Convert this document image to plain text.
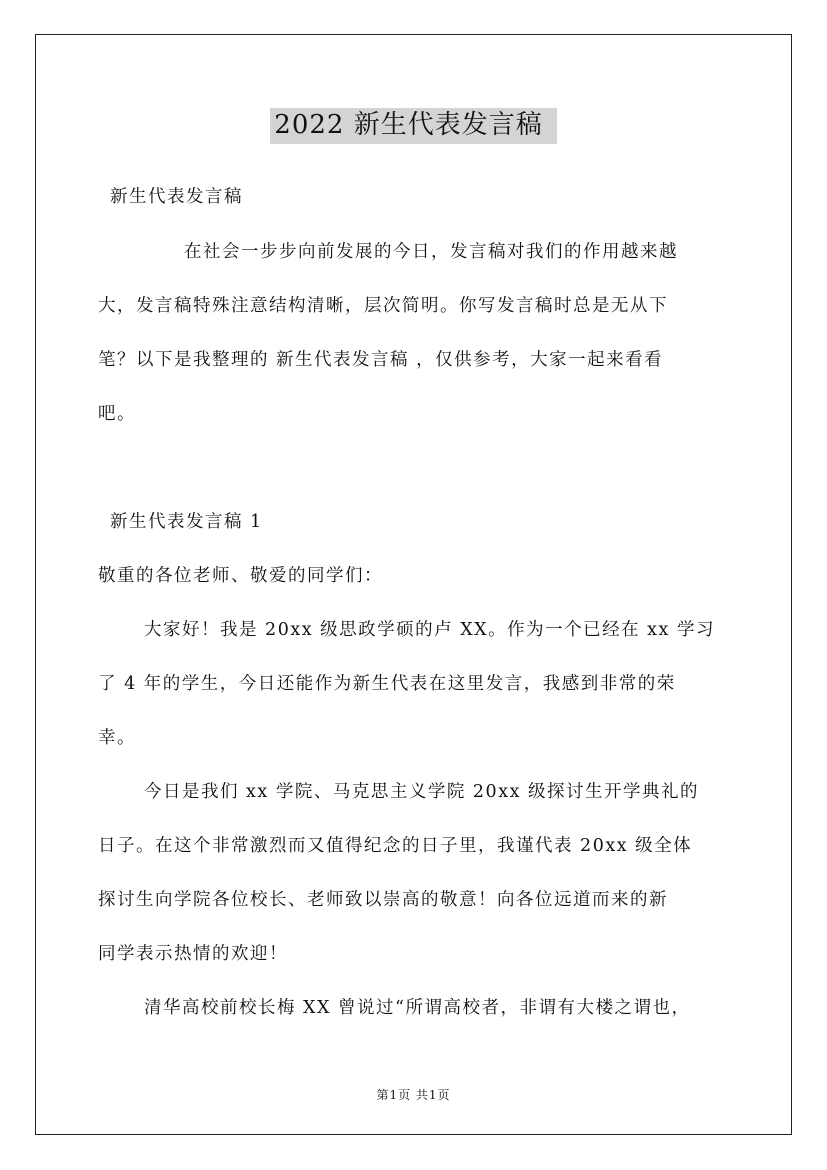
2022 新生代表发言稿
新生代表发言稿
在社会一步步向前发展的今日，发言稿对我们的作用越来越
大，发言稿特殊注意结构清晰，层次简明。你写发言稿时总是无从下
笔？以下是我整理的 新生代表发言稿 ，仅供参考，大家一起来看看
吧。
新生代表发言稿 1
敬重的各位老师、敬爱的同学们：
大家好！我是 20xx 级思政学硕的卢 XX。作为一个已经在 xx 学习
了 4 年的学生，今日还能作为新生代表在这里发言，我感到非常的荣
幸。
今日是我们 xx 学院、马克思主义学院 20xx 级探讨生开学典礼的
日子。在这个非常激烈而又值得纪念的日子里，我谨代表 20xx 级全体
探讨生向学院各位校长、老师致以崇高的敬意！向各位远道而来的新
同学表示热情的欢迎！
清华高校前校长梅 XX 曾说过“所谓高校者，非谓有大楼之谓也，
第1页 共1页
